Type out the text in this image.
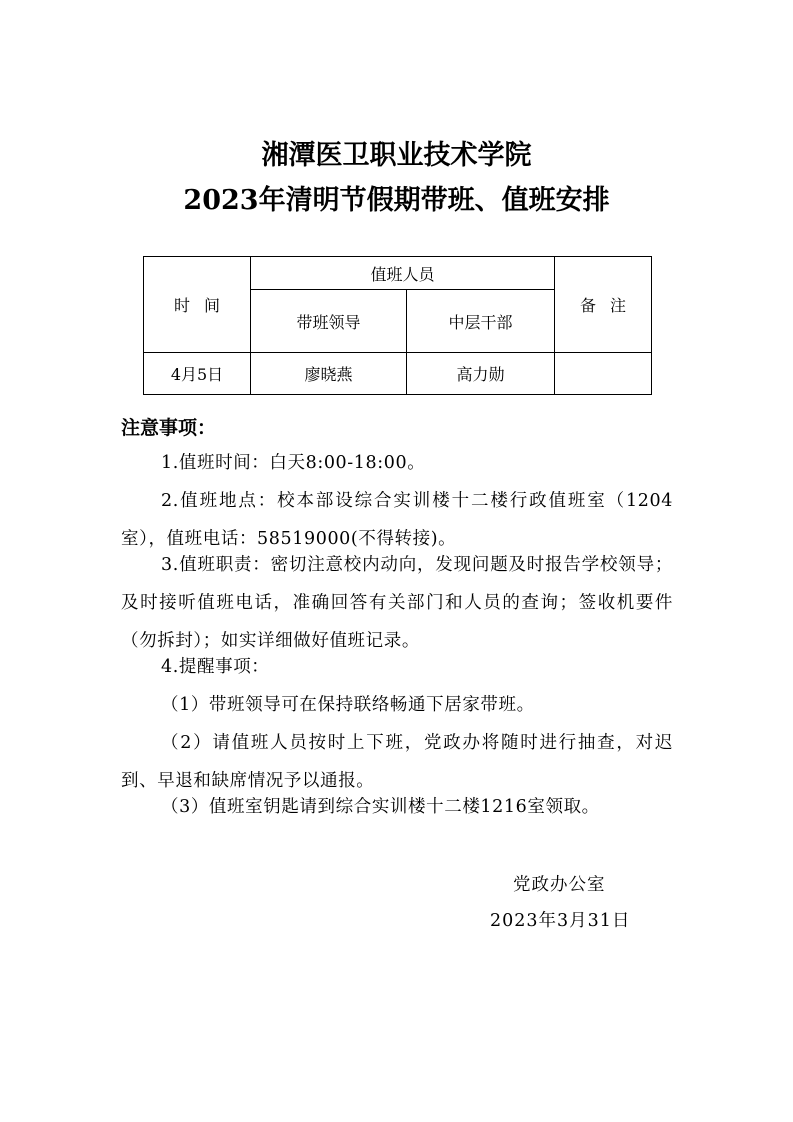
湘潭医卫职业技术学院
2023年清明节假期带班、值班安排
时间	值班人员		备注
	带班领导	中层干部	
4月5日	廖晓燕	高力勋	
注意事项：
1.值班时间：白天8:00-18:00。
2.值班地点：校本部设综合实训楼十二楼行政值班室（1204室），值班电话：58519000(不得转接)。
3.值班职责：密切注意校内动向，发现问题及时报告学校领导；及时接听值班电话，准确回答有关部门和人员的查询；签收机要件（勿拆封）；如实详细做好值班记录。
4.提醒事项：
（1）带班领导可在保持联络畅通下居家带班。
（2）请值班人员按时上下班，党政办将随时进行抽查，对迟到、早退和缺席情况予以通报。
（3）值班室钥匙请到综合实训楼十二楼1216室领取。
党政办公室
2023年3月31日
